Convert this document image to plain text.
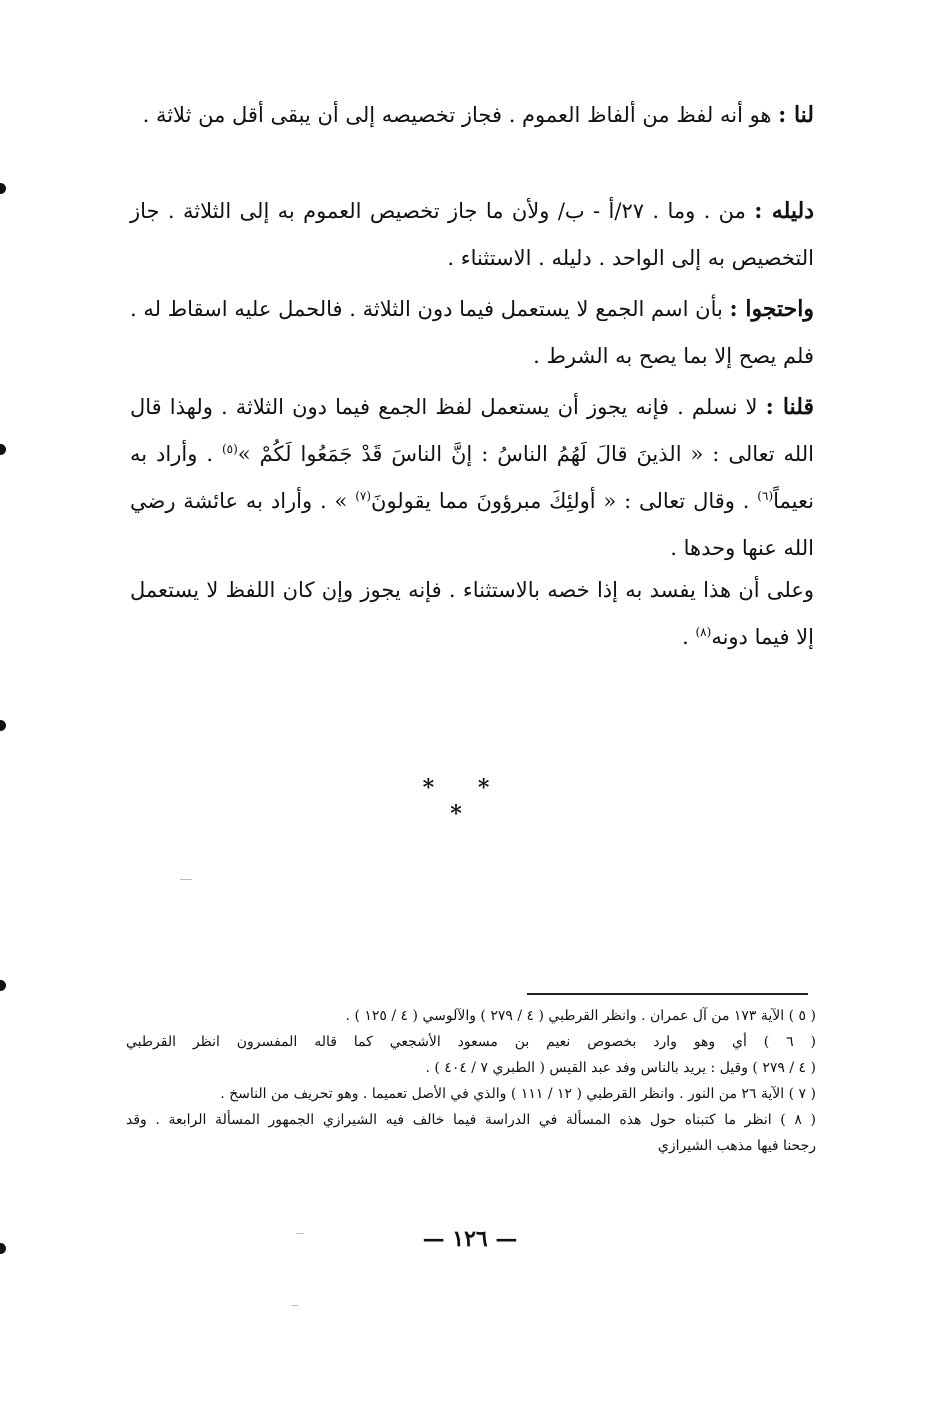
لنا : هو أنه لفظ من ألفاظ العموم . فجاز تخصيصه إلى أن يبقى أقل من ثلاثة .

دليله : من . وما . ٢٧/أ - ب/ ولأن ما جاز تخصيص العموم به إلى الثلاثة . جاز التخصيص به إلى الواحد . دليله . الاستثناء .

واحتجوا : بأن اسم الجمع لا يستعمل فيما دون الثلاثة . فالحمل عليه اسقاط له . فلم يصح إلا بما يصح به الشرط .

قلنا : لا نسلم . فإنه يجوز أن يستعمل لفظ الجمع فيما دون الثلاثة . ولهذا قال الله تعالى : « الذينَ قالَ لَهُمُ الناسُ : إنَّ الناسَ قَدْ جَمَعُوا لَكُمْ »$^{(٥)}$ . وأراد به نعيماً$^{(٦)}$ . وقال تعالى : « أولئِكَ مبرؤونَ مما يقولونَ$^{(٧)}$ » . وأراد به عائشة رضي الله عنها وحدها .

وعلى أن هذا يفسد به إذا خصه بالاستثناء . فإنه يجوز وإن كان اللفظ لا يستعمل إلا فيما دونه$^{(٨)}$ .

* * *
( ٥ ) الآية ١٧٣ من آل عمران . وانظر القرطبي ( ٤ / ٢٧٩ ) والآلوسي ( ٤ / ١٢٥ ) .
( ٦ ) أي وهو وارد بخصوص نعيم بن مسعود الأشجعي كما قاله المفسرون انظر القرطبي
( ٤ / ٢٧٩ ) وقيل : يريد بالناس وفد عبد القيس ( الطبري ٧ / ٤٠٤ ) .
( ٧ ) الآية ٢٦ من النور . وانظر القرطبي ( ١٢ / ١١١ ) والذي في الأصل تعميما . وهو تحريف من الناسخ .
( ٨ ) انظر ما كتبناه حول هذه المسألة في الدراسة فيما خالف فيه الشيرازي الجمهور المسألة الرابعة . وقد
رجحنا فيها مذهب الشيرازي
— ١٢٦ —
